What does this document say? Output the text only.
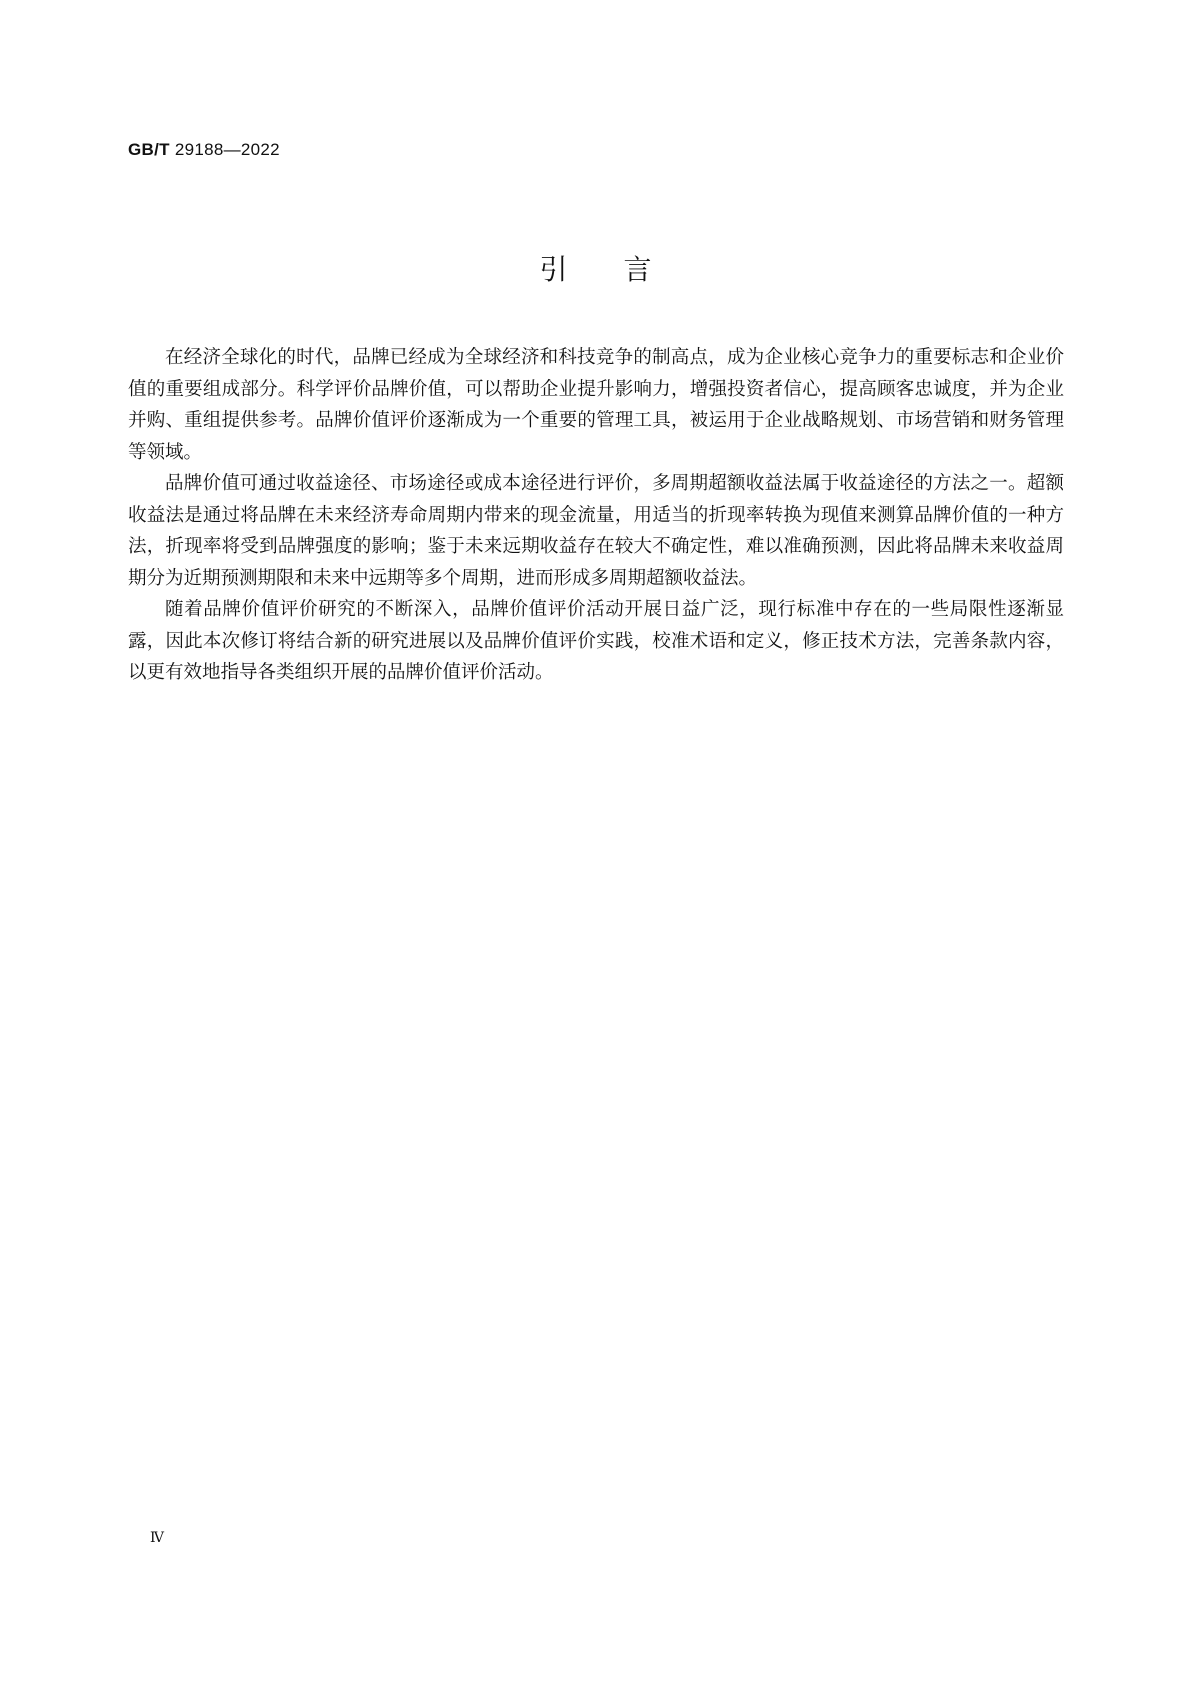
GB/T 29188—2022
引言

在经济全球化的时代，品牌已经成为全球经济和科技竞争的制高点，成为企业核心竞争力的重要标志和企业价值的重要组成部分。科学评价品牌价值，可以帮助企业提升影响力，增强投资者信心，提高顾客忠诚度，并为企业并购、重组提供参考。品牌价值评价逐渐成为一个重要的管理工具，被运用于企业战略规划、市场营销和财务管理等领域。

品牌价值可通过收益途径、市场途径或成本途径进行评价，多周期超额收益法属于收益途径的方法之一。超额收益法是通过将品牌在未来经济寿命周期内带来的现金流量，用适当的折现率转换为现值来测算品牌价值的一种方法，折现率将受到品牌强度的影响；鉴于未来远期收益存在较大不确定性，难以准确预测，因此将品牌未来收益周期分为近期预测期限和未来中远期等多个周期，进而形成多周期超额收益法。

随着品牌价值评价研究的不断深入，品牌价值评价活动开展日益广泛，现行标准中存在的一些局限性逐渐显露，因此本次修订将结合新的研究进展以及品牌价值评价实践，校准术语和定义，修正技术方法，完善条款内容，以更有效地指导各类组织开展的品牌价值评价活动。

Ⅳ
